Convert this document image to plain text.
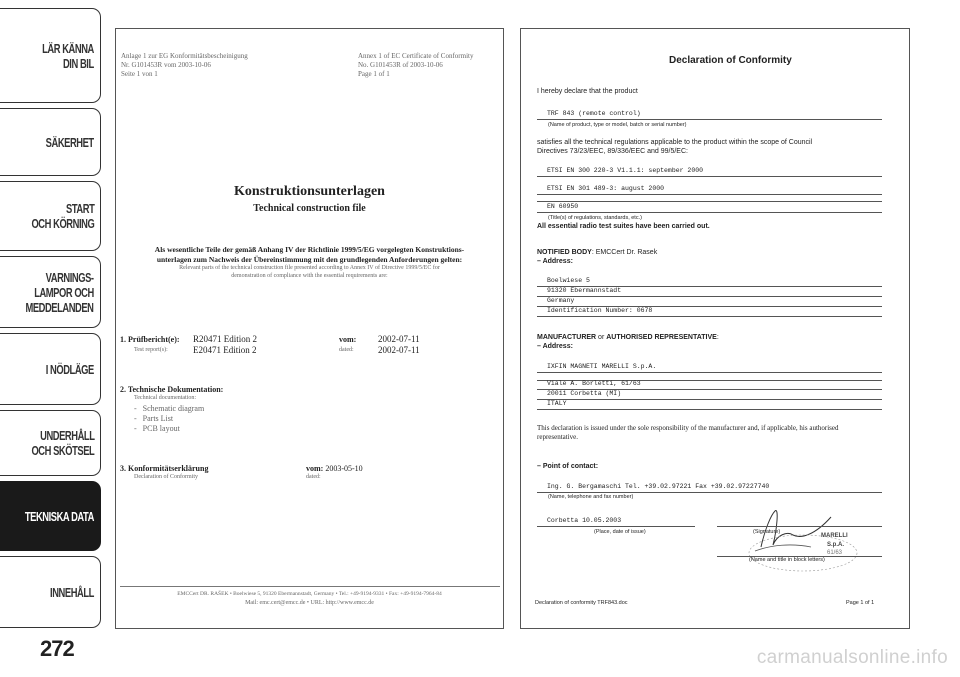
LÄR KÄNNA
DIN BIL
SÄKERHET
START
OCH KÖRNING
VARNINGS-
LAMPOR OCH
MEDDELANDEN
I NÖDLÄGE
UNDERHÅLL
OCH SKÖTSEL
TEKNISKA DATA
INNEHÅLL
272
Anlage 1 zur EG Konformitätsbescheinigung
Nr. G101453R vom 2003-10-06
Seite 1 von 1
Annex 1 of EC Certificate of Conformity
No. G101453R of 2003-10-06
Page 1 of 1
Konstruktionsunterlagen
Technical construction file
Als wesentliche Teile der gemäß Anhang IV der Richtlinie 1999/5/EG vorgelegten Konstruktions-
unterlagen zum Nachweis der Übereinstimmung mit den grundlegenden Anforderungen gelten:
Relevant parts of the technical construction file presented according to Annex IV of Directive 1999/5/EC for
demonstration of compliance with the essential requirements are:
1. Prüfbericht(e):
Test report(s):
R20471 Edition 2
E20471 Edition 2
vom:
dated:
2002-07-11
2002-07-11
2. Technische Dokumentation:
Technical documentation:
-   Schematic diagram
-   Parts List
-   PCB layout
3. Konformitätserklärung
Declaration of Conformity
vom: 2003-05-10
dated:
EMCCert DR. RAŠEK • Boelwiese 5, 91320 Ebermannstadt, Germany • Tel.: +49-9194-9331 • Fax: +49-9194-7964-84
Mail: emc.cert@emcc.de • URL: http://www.emcc.de
Declaration of Conformity
I hereby declare that the product
TRF 843 (remote control)
(Name of product, type or model, batch or serial number)
satisfies all the technical regulations applicable to the product within the scope of Council
Directives 73/23/EEC, 89/336/EEC and 99/5/EC:
ETSI EN 300 220-3 V1.1.1: september 2000
ETSI EN 301 489-3: august 2000
EN 60950
(Title(s) of regulations, standards, etc.)
All essential radio test suites have been carried out.
NOTIFIED BODY: EMCCert Dr. Rasek
– Address:
Boelwiese 5
91320 Ebermannstadt
Germany
Identification Number: 0678
MANUFACTURER or AUTHORISED REPRESENTATIVE:
– Address:
IXFIN MAGNETI MARELLI S.p.A.
Viale A. Borletti, 61/63
20011 Corbetta (MI)
ITALY
This declaration is issued under the sole responsibility of the manufacturer and, if applicable, his authorised
representative.
– Point of contact:
Ing. G. Bergamaschi Tel. +39.02.97221 Fax +39.02.97227740
(Name, telephone and fax number)
Corbetta 10.05.2003
(Place, date of issue)	(Signature)
MARELLI
S.p.A.
61/63
(Name and title in block letters)
Declaration of conformity TRF843.doc	Page 1 of 1
carmanualsonline.info
